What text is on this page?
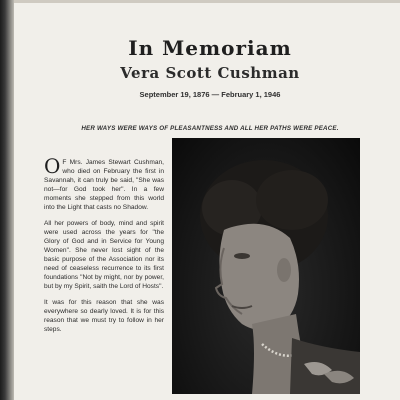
In Memoriam
Vera Scott Cushman
September 19, 1876 — February 1, 1946
HER WAYS WERE WAYS OF PLEASANTNESS AND ALL HER PATHS WERE PEACE.

O F Mrs. James Stewart Cushman, who died on February the first in Savannah, it can truly be said, "She was not—for God took her". In a few moments she stepped from this world into the Light that casts no Shadow.

All her powers of body, mind and spirit were used across the years for "the Glory of God and in Service for Young Women". She never lost sight of the basic purpose of the Association nor its need of ceaseless recurrence to its first foundations "Not by might, nor by power, but by my Spirit, saith the Lord of Hosts".

It was for this reason that she was everywhere so dearly loved. It is for this reason that we must try to follow in her steps.
